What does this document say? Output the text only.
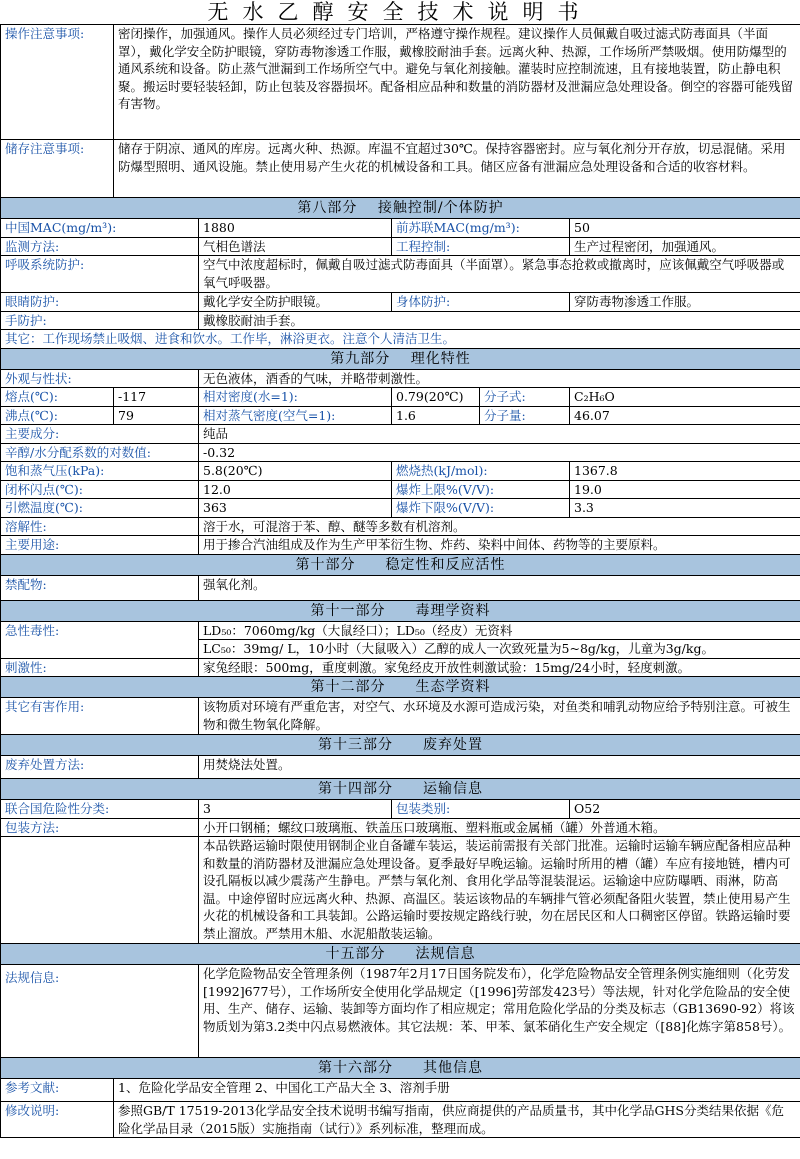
无水乙醇安全技术说明书
操作注意事项:	密闭操作，加强通风。操作人员必须经过专门培训，严格遵守操作规程。建议操作人员佩戴自吸过滤式防毒面具（半面罩），戴化学安全防护眼镜，穿防毒物渗透工作服，戴橡胶耐油手套。远离火种、热源，工作场所严禁吸烟。使用防爆型的通风系统和设备。防止蒸气泄漏到工作场所空气中。避免与氧化剂接触。灌装时应控制流速，且有接地装置，防止静电积聚。搬运时要轻装轻卸，防止包装及容器损坏。配备相应品种和数量的消防器材及泄漏应急处理设备。倒空的容器可能残留有害物。				
储存注意事项:	储存于阴凉、通风的库房。远离火种、热源。库温不宜超过30℃。保持容器密封。应与氧化剂分开存放，切忌混储。采用防爆型照明、通风设施。禁止使用易产生火花的机械设备和工具。储区应备有泄漏应急处理设备和合适的收容材料。				
第八部分　 接触控制/个体防护					
中国MAC(mg/m³):		1880	前苏联MAC(mg/m³):		50
监测方法:		气相色谱法	工程控制:		生产过程密闭，加强通风。
呼吸系统防护:		空气中浓度超标时，佩戴自吸过滤式防毒面具（半面罩）。紧急事态抢救或撤离时，应该佩戴空气呼吸器或氧气呼吸器。			
眼睛防护:		戴化学安全防护眼镜。	身体防护:		穿防毒物渗透工作服。
手防护:		戴橡胶耐油手套。			
其它：工作现场禁止吸烟、进食和饮水。工作毕，淋浴更衣。注意个人清洁卫生。					
第九部分　 理化特性					
外观与性状:		无色液体，酒香的气味，并略带刺激性。			
熔点(℃):	-117	相对密度(水=1):	0.79(20℃)	分子式:	C₂H₆O
沸点(℃):	79	相对蒸气密度(空气=1):	1.6	分子量:	46.07
主要成分:		纯品			
辛醇/水分配系数的对数值:		-0.32			
饱和蒸气压(kPa):		5.8(20℃)	燃烧热(kJ/mol):		1367.8
闭杯闪点(℃):		12.0	爆炸上限%(V/V):		19.0
引燃温度(℃):		363	爆炸下限%(V/V):		3.3
溶解性:		溶于水，可混溶于苯、醇、醚等多数有机溶剂。			
主要用途:		用于掺合汽油组成及作为生产甲苯衍生物、炸药、染料中间体、药物等的主要原料。			
第十部分　　稳定性和反应活性					
禁配物:		强氧化剂。			
第十一部分　　毒理学资料					
急性毒性:		LD₅₀：7060mg/kg（大鼠经口）；LD₅₀（经皮）无资料			
		LC₅₀：39mg/ L，10小时（大鼠吸入）乙醇的成人一次致死量为5~8g/kg，儿童为3g/kg。			
刺激性:		家兔经眼：500mg，重度刺激。家兔经皮开放性刺激试验：15mg/24小时，轻度刺激。			
第十二部分　　生态学资料					
其它有害作用:		该物质对环境有严重危害，对空气、水环境及水源可造成污染，对鱼类和哺乳动物应给予特别注意。可被生物和微生物氧化降解。			
第十三部分　　废弃处置					
废弃处置方法:		用焚烧法处置。			
第十四部分　　运输信息					
联合国危险性分类:		3	包装类别:		O52
包装方法:		小开口钢桶；螺纹口玻璃瓶、铁盖压口玻璃瓶、塑料瓶或金属桶（罐）外普通木箱。			
		本品铁路运输时限使用钢制企业自备罐车装运，装运前需报有关部门批准。运输时运输车辆应配备相应品种和数量的消防器材及泄漏应急处理设备。夏季最好早晚运输。运输时所用的槽（罐）车应有接地链，槽内可设孔隔板以减少震荡产生静电。严禁与氧化剂、食用化学品等混装混运。运输途中应防曝晒、雨淋，防高温。中途停留时应远离火种、热源、高温区。装运该物品的车辆排气管必须配备阻火装置，禁止使用易产生火花的机械设备和工具装卸。公路运输时要按规定路线行驶，勿在居民区和人口稠密区停留。铁路运输时要禁止溜放。严禁用木船、水泥船散装运输。			
十五部分　　法规信息					
法规信息:		化学危险物品安全管理条例（1987年2月17日国务院发布），化学危险物品安全管理条例实施细则（化劳发[1992]677号），工作场所安全使用化学品规定（[1996]劳部发423号）等法规，针对化学危险品的安全使用、生产、储存、运输、装卸等方面均作了相应规定；常用危险化学品的分类及标志（GB13690-92）将该物质划为第3.2类中闪点易燃液体。其它法规：苯、甲苯、氯苯硝化生产安全规定（[88]化炼字第858号）。			
第十六部分　　其他信息					
参考文献:	1、危险化学品安全管理 2、中国化工产品大全 3、溶剂手册				
修改说明:	参照GB/T 17519-2013化学品安全技术说明书编写指南，供应商提供的产品质量书，其中化学品GHS分类结果依据《危险化学品目录（2015版）实施指南（试行）》系列标准，整理而成。				
